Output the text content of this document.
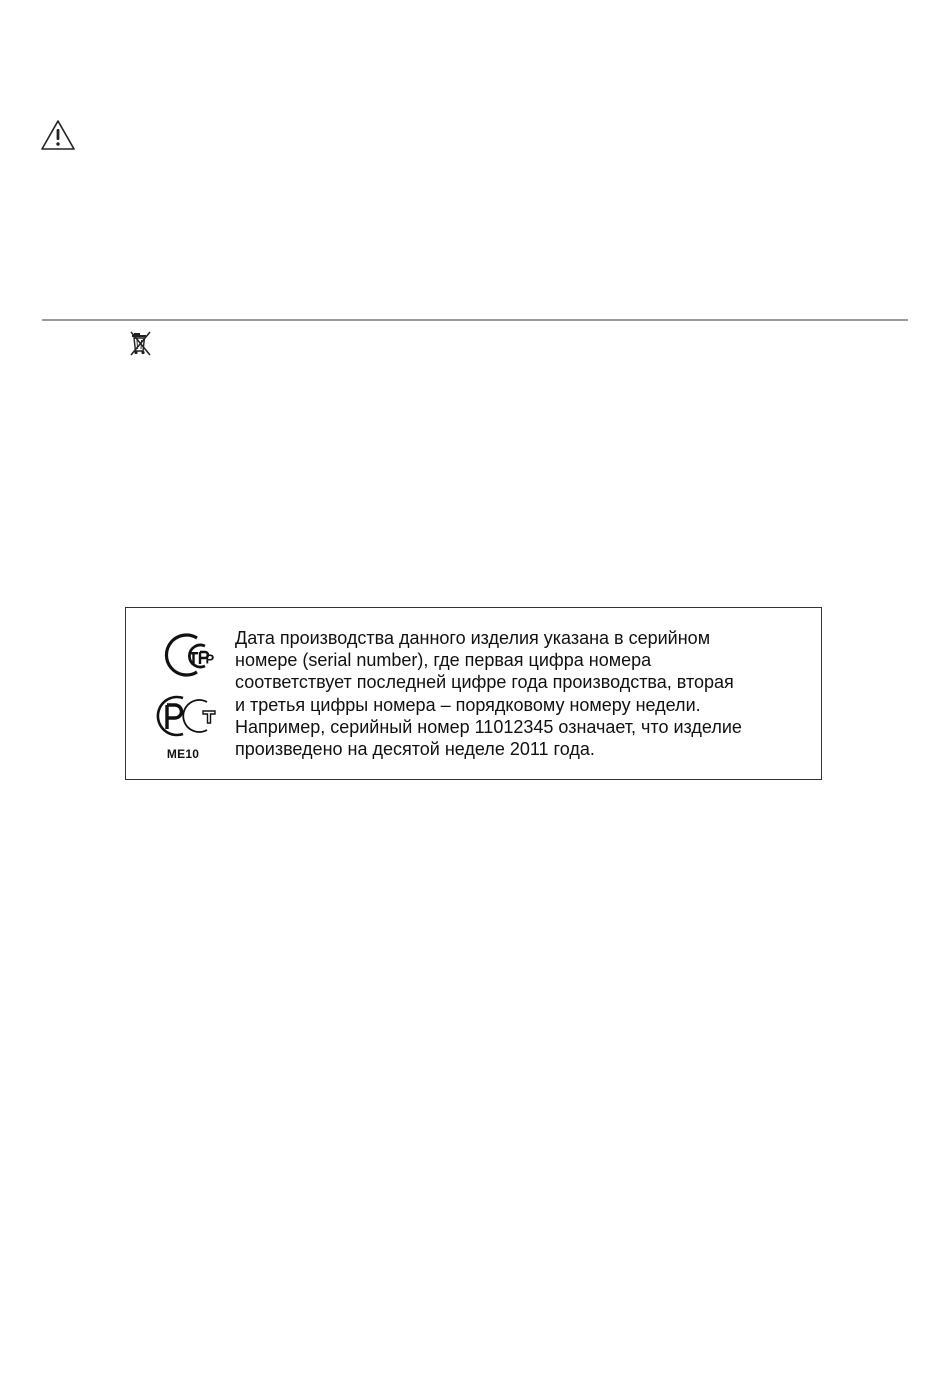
Р
ME10
Дата производства данного изделия указана в серийном
номере (serial number), где первая цифра номера
соответствует последней цифре года производства, вторая
и третья цифры номера – порядковому номеру недели.
Например, серийный номер 11012345 означает, что изделие
произведено на десятой неделе 2011 года.
